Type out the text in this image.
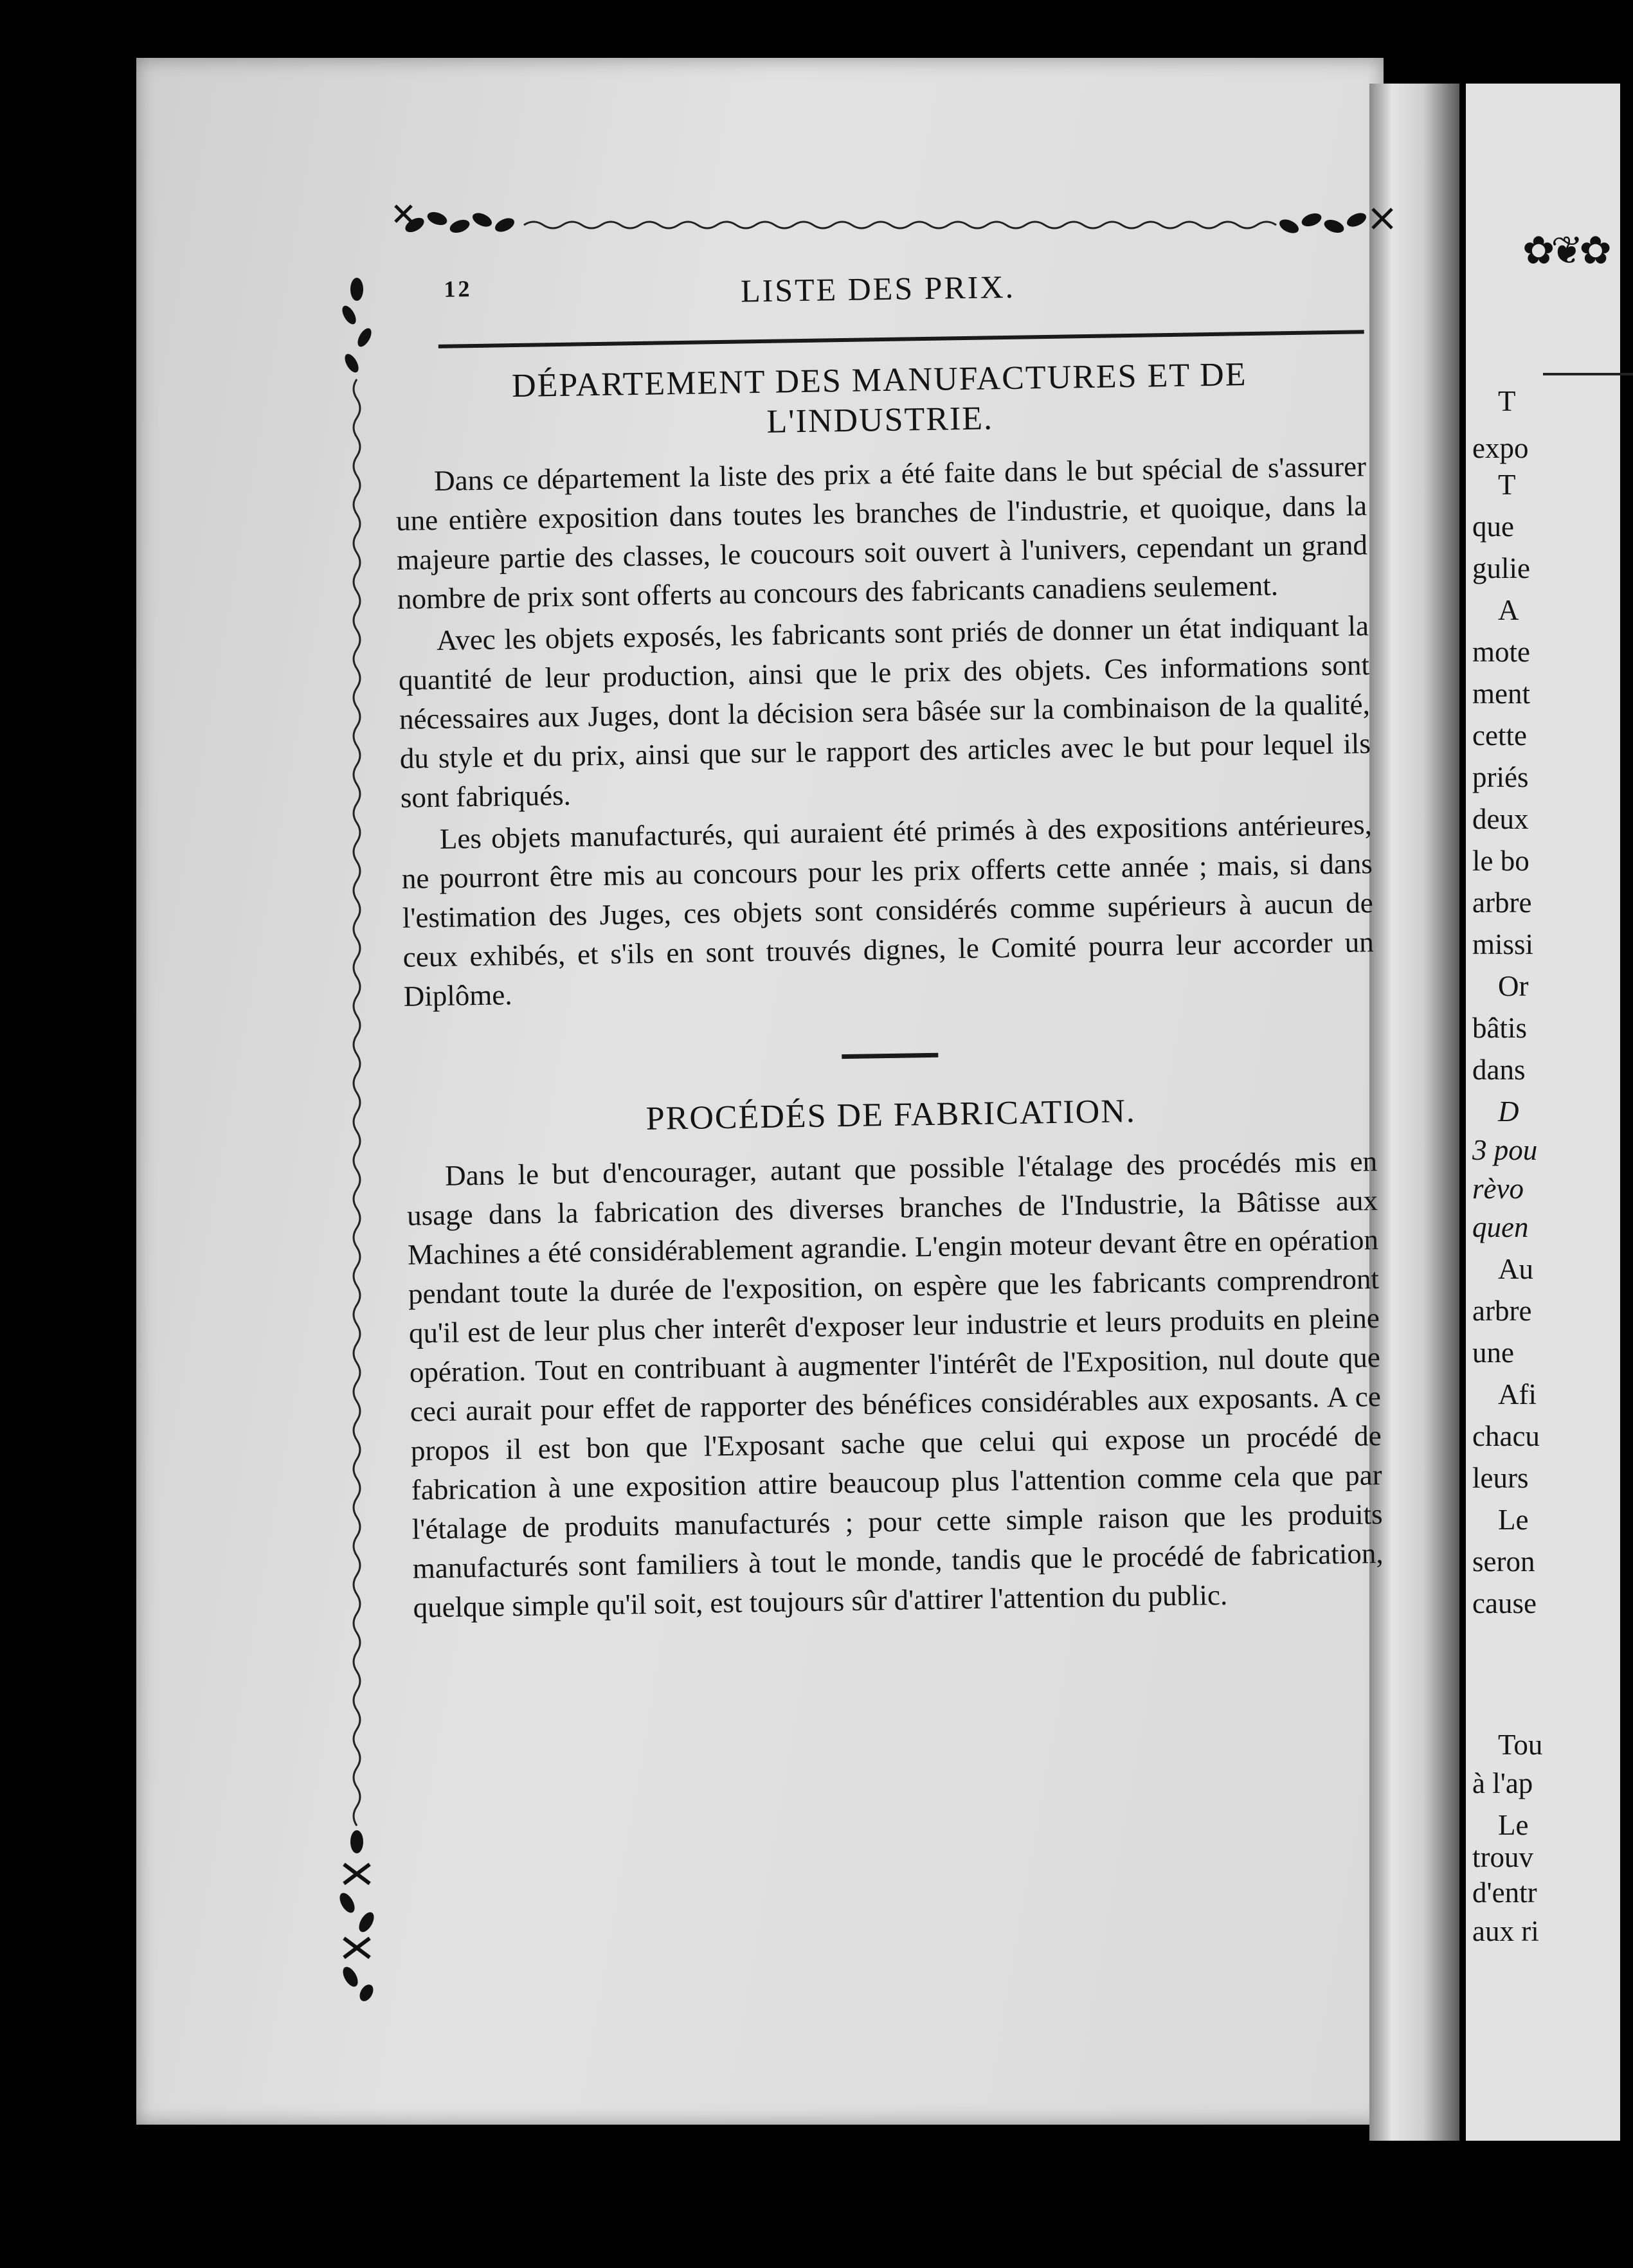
✿❦✿
T
expo
T
que
gulie
A
mote
ment
cette
priés
deux
le bo
arbre
missi
Or
bâtis
dans
D
3 pou
rèvo
quen
Au
arbre
une
Afi
chacu
leurs
Le
seron
cause
Tou
à l'ap
Le
trouv
d'entr
aux ri
12	LISTE DES PRIX.
DÉPARTEMENT DES MANUFACTURES ET DE
L'INDUSTRIE.

Dans ce département la liste des prix a été faite dans le but spécial de s'assurer une entière exposition dans toutes les branches de l'industrie, et quoique, dans la majeure partie des classes, le coucours soit ouvert à l'univers, cependant un grand nombre de prix sont offerts au concours des fabricants canadiens seulement.

Avec les objets exposés, les fabricants sont priés de donner un état indiquant la quantité de leur production, ainsi que le prix des objets. Ces informations sont nécessaires aux Juges, dont la décision sera bâsée sur la combinaison de la qualité, du style et du prix, ainsi que sur le rapport des articles avec le but pour lequel ils sont fabriqués.

Les objets manufacturés, qui auraient été primés à des expositions antérieures, ne pourront être mis au concours pour les prix offerts cette année ; mais, si dans l'estimation des Juges, ces objets sont considérés comme supérieurs à aucun de ceux exhibés, et s'ils en sont trouvés dignes, le Comité pourra leur accorder un Diplôme.

PROCÉDÉS DE FABRICATION.

Dans le but d'encourager, autant que possible l'étalage des procédés mis en usage dans la fabrication des diverses branches de l'Industrie, la Bâtisse aux Machines a été considérablement agrandie. L'engin moteur devant être en opération pendant toute la durée de l'exposition, on espère que les fabricants comprendront qu'il est de leur plus cher interêt d'exposer leur industrie et leurs produits en pleine opération. Tout en contribuant à augmenter l'intérêt de l'Exposition, nul doute que ceci aurait pour effet de rapporter des bénéfices considérables aux exposants. A ce propos il est bon que l'Exposant sache que celui qui expose un procédé de fabrication à une exposition attire beaucoup plus l'attention comme cela que par l'étalage de produits manufacturés ; pour cette simple raison que les produits manufacturés sont familiers à tout le monde, tandis que le procédé de fabrication, quelque simple qu'il soit, est toujours sûr d'attirer l'attention du public.
